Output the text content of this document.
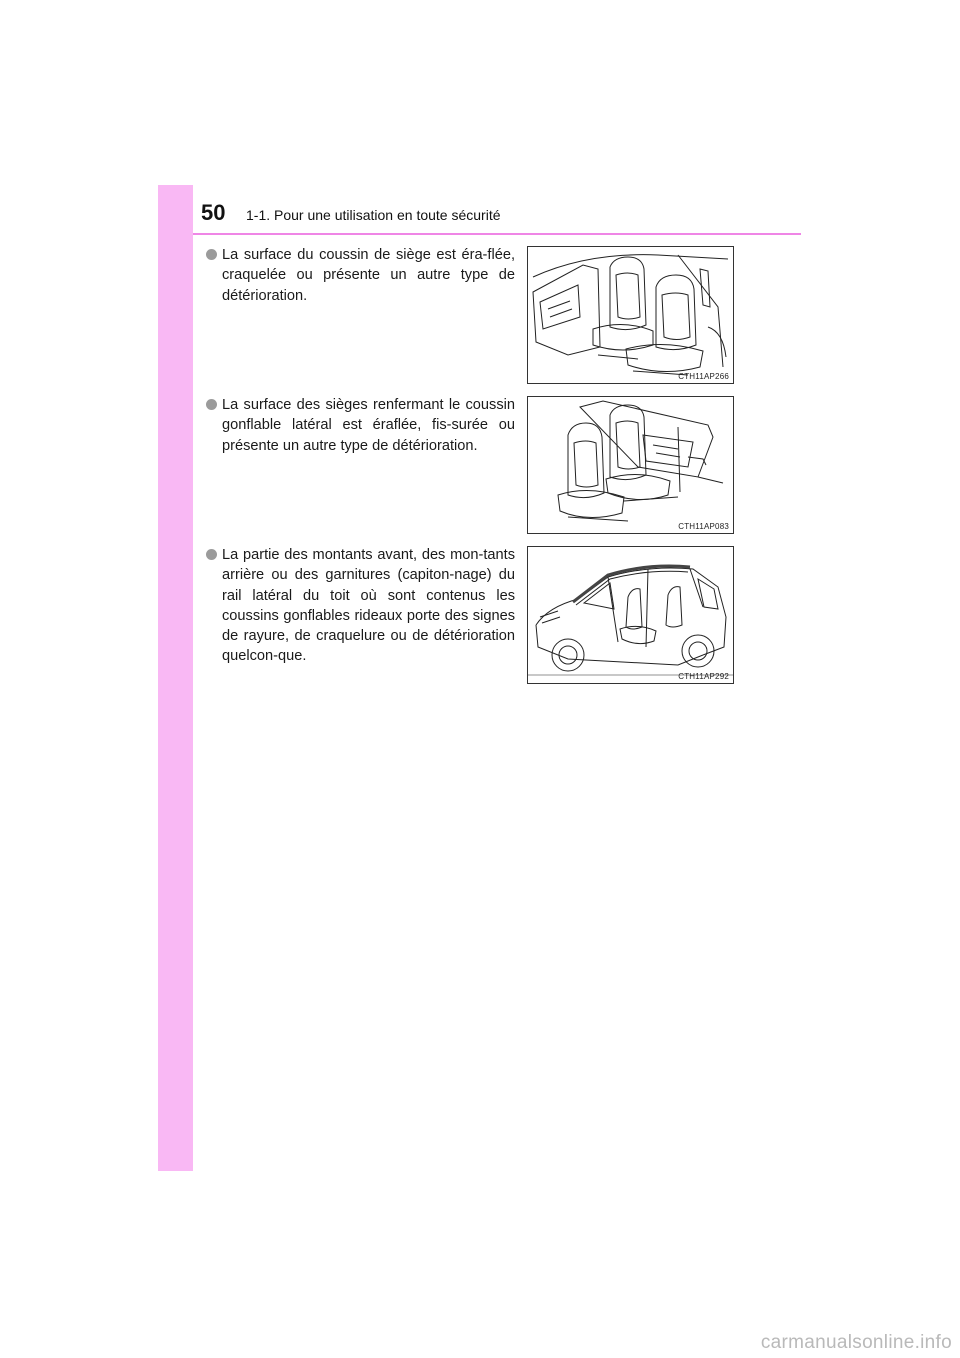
50 1-1. Pour une utilisation en toute sécurité
La surface du coussin de siège est éra-flée, craquelée ou présente un autre type de détérioration.
CTH11AP266
La surface des sièges renfermant le coussin gonflable latéral est éraflée, fis-surée ou présente un autre type de détérioration.
CTH11AP083
La partie des montants avant, des mon-tants arrière ou des garnitures (capiton-nage) du rail latéral du toit où sont contenus les coussins gonflables rideaux porte des signes de rayure, de craquelure ou de détérioration quelcon-que.
CTH11AP292
carmanualsonline.info
